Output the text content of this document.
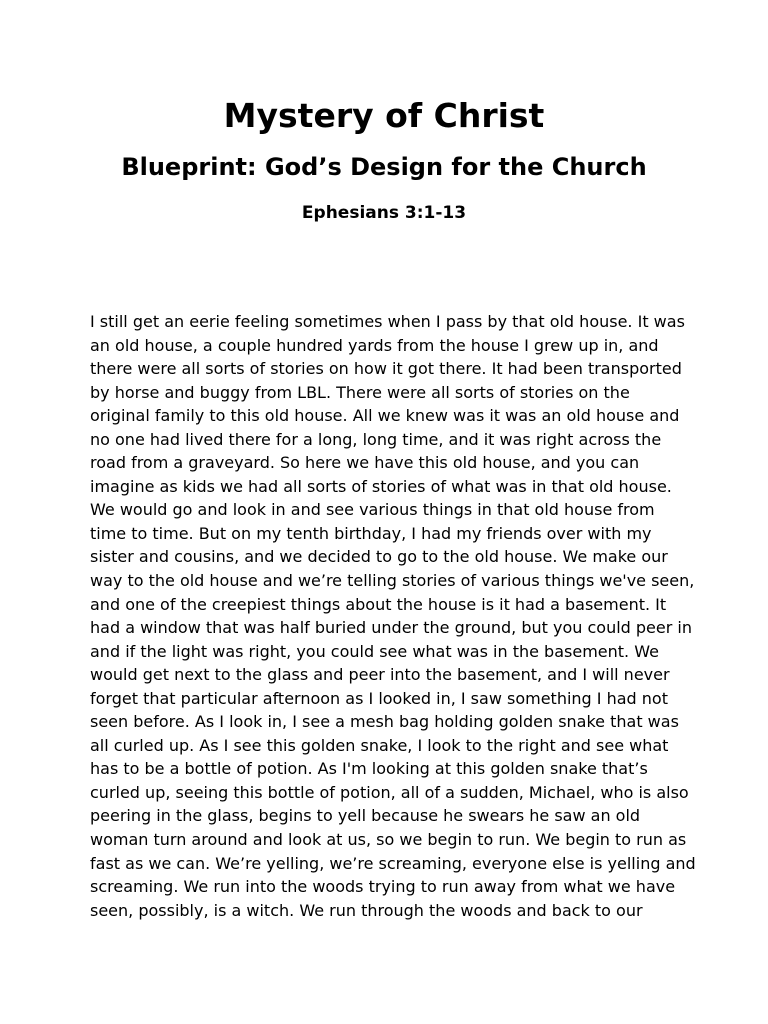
Mystery of Christ
Blueprint: God’s Design for the Church
Ephesians 3:1-13
I still get an eerie feeling sometimes when I pass by that old house. It was
an old house, a couple hundred yards from the house I grew up in, and
there were all sorts of stories on how it got there. It had been transported
by horse and buggy from LBL. There were all sorts of stories on the
original family to this old house. All we knew was it was an old house and
no one had lived there for a long, long time, and it was right across the
road from a graveyard. So here we have this old house, and you can
imagine as kids we had all sorts of stories of what was in that old house.
We would go and look in and see various things in that old house from
time to time. But on my tenth birthday, I had my friends over with my
sister and cousins, and we decided to go to the old house. We make our
way to the old house and we’re telling stories of various things we've seen,
and one of the creepiest things about the house is it had a basement. It
had a window that was half buried under the ground, but you could peer in
and if the light was right, you could see what was in the basement. We
would get next to the glass and peer into the basement, and I will never
forget that particular afternoon as I looked in, I saw something I had not
seen before. As I look in, I see a mesh bag holding golden snake that was
all curled up. As I see this golden snake, I look to the right and see what
has to be a bottle of potion. As I'm looking at this golden snake that’s
curled up, seeing this bottle of potion, all of a sudden, Michael, who is also
peering in the glass, begins to yell because he swears he saw an old
woman turn around and look at us, so we begin to run. We begin to run as
fast as we can. We’re yelling, we’re screaming, everyone else is yelling and
screaming. We run into the woods trying to run away from what we have
seen, possibly, is a witch. We run through the woods and back to our
